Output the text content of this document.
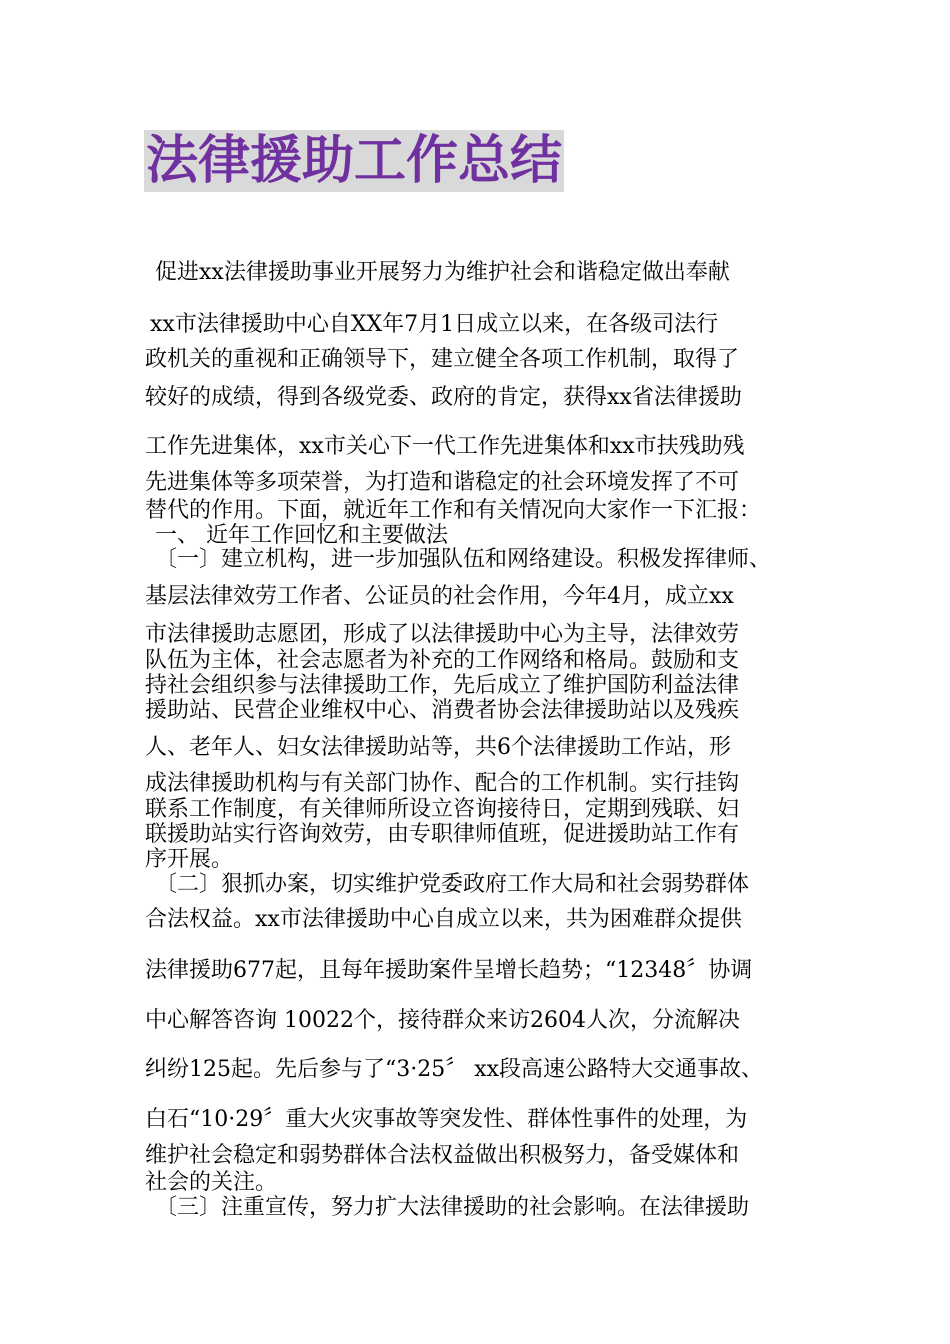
法律援助工作总结
促进xx法律援助事业开展努力为维护社会和谐稳定做出奉献
xx市法律援助中心自XX年7月1日成立以来，在各级司法行
政机关的重视和正确领导下，建立健全各项工作机制，取得了
较好的成绩，得到各级党委、政府的肯定，获得xx省法律援助
工作先进集体，xx市关心下一代工作先进集体和xx市扶残助残
先进集体等多项荣誉，为打造和谐稳定的社会环境发挥了不可
替代的作用。下面，就近年工作和有关情况向大家作一下汇报：
一、 近年工作回忆和主要做法
〔一〕建立机构，进一步加强队伍和网络建设。积极发挥律师、
基层法律效劳工作者、公证员的社会作用，今年4月，成立xx
市法律援助志愿团，形成了以法律援助中心为主导，法律效劳
队伍为主体，社会志愿者为补充的工作网络和格局。鼓励和支
持社会组织参与法律援助工作，先后成立了维护国防利益法律
援助站、民营企业维权中心、消费者协会法律援助站以及残疾
人、老年人、妇女法律援助站等，共6个法律援助工作站，形
成法律援助机构与有关部门协作、配合的工作机制。实行挂钩
联系工作制度，有关律师所设立咨询接待日，定期到残联、妇
联援助站实行咨询效劳，由专职律师值班，促进援助站工作有
序开展。
〔二〕狠抓办案，切实维护党委政府工作大局和社会弱势群体
合法权益。xx市法律援助中心自成立以来，共为困难群众提供
法律援助677起，且每年援助案件呈增长趋势；“12348〞协调
中心解答咨询 10022个，接待群众来访2604人次，分流解决
纠纷125起。先后参与了“3·25〞 xx段高速公路特大交通事故、
白石“10·29〞重大火灾事故等突发性、群体性事件的处理，为
维护社会稳定和弱势群体合法权益做出积极努力，备受媒体和
社会的关注。
〔三〕注重宣传，努力扩大法律援助的社会影响。在法律援助
